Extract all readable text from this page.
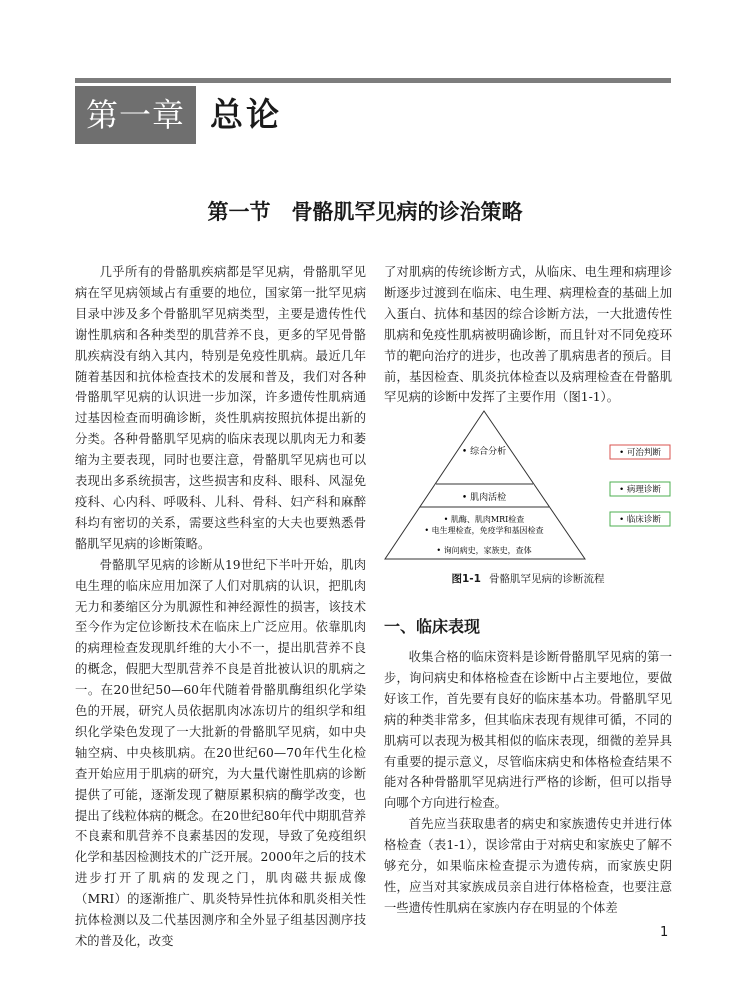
第一章 总论
第一节　骨骼肌罕见病的诊治策略

几乎所有的骨骼肌疾病都是罕见病，骨骼肌罕见病在罕见病领域占有重要的地位，国家第一批罕见病目录中涉及多个骨骼肌罕见病类型，主要是遗传性代谢性肌病和各种类型的肌营养不良，更多的罕见骨骼肌疾病没有纳入其内，特别是免疫性肌病。最近几年随着基因和抗体检查技术的发展和普及，我们对各种骨骼肌罕见病的认识进一步加深，许多遗传性肌病通过基因检查而明确诊断，炎性肌病按照抗体提出新的分类。各种骨骼肌罕见病的临床表现以肌肉无力和萎缩为主要表现，同时也要注意，骨骼肌罕见病也可以表现出多系统损害，这些损害和皮科、眼科、风湿免疫科、心内科、呼吸科、儿科、骨科、妇产科和麻醉科均有密切的关系，需要这些科室的大夫也要熟悉骨骼肌罕见病的诊断策略。

骨骼肌罕见病的诊断从19世纪下半叶开始，肌肉电生理的临床应用加深了人们对肌病的认识，把肌肉无力和萎缩区分为肌源性和神经源性的损害，该技术至今作为定位诊断技术在临床上广泛应用。依靠肌肉的病理检查发现肌纤维的大小不一，提出肌营养不良的概念，假肥大型肌营养不良是首批被认识的肌病之一。在20世纪50—60年代随着骨骼肌酶组织化学染色的开展，研究人员依据肌肉冰冻切片的组织学和组织化学染色发现了一大批新的骨骼肌罕见病，如中央轴空病、中央核肌病。在20世纪60—70年代生化检查开始应用于肌病的研究，为大量代谢性肌病的诊断提供了可能，逐渐发现了糖原累积病的酶学改变，也提出了线粒体病的概念。在20世纪80年代中期肌营养不良素和肌营养不良素基因的发现，导致了免疫组织化学和基因检测技术的广泛开展。2000年之后的技术进步打开了肌病的发现之门，肌肉磁共振成像（MRI）的逐渐推广、肌炎特异性抗体和肌炎相关性抗体检测以及二代基因测序和全外显子组基因测序技术的普及化，改变

了对肌病的传统诊断方式，从临床、电生理和病理诊断逐步过渡到在临床、电生理、病理检查的基础上加入蛋白、抗体和基因的综合诊断方法，一大批遗传性肌病和免疫性肌病被明确诊断，而且针对不同免疫环节的靶向治疗的进步，也改善了肌病患者的预后。目前，基因检查、肌炎抗体检查以及病理检查在骨骼肌罕见病的诊断中发挥了主要作用（图1-1）。

• 综合分析
• 肌肉活检
• 肌酶、肌肉MRI检查
• 电生理检查，免疫学和基因检查
• 询问病史，家族史，查体
• 可治判断
• 病理诊断
• 临床诊断
图1-1 骨骼肌罕见病的诊断流程
一、临床表现

收集合格的临床资料是诊断骨骼肌罕见病的第一步，询问病史和体格检查在诊断中占主要地位，要做好该工作，首先要有良好的临床基本功。骨骼肌罕见病的种类非常多，但其临床表现有规律可循，不同的肌病可以表现为极其相似的临床表现，细微的差异具有重要的提示意义，尽管临床病史和体格检查结果不能对各种骨骼肌罕见病进行严格的诊断，但可以指导向哪个方向进行检查。

首先应当获取患者的病史和家族遗传史并进行体格检查（表1-1），误诊常由于对病史和家族史了解不够充分，如果临床检查提示为遗传病，而家族史阴性，应当对其家族成员亲自进行体格检查，也要注意一些遗传性肌病在家族内存在明显的个体差

1
